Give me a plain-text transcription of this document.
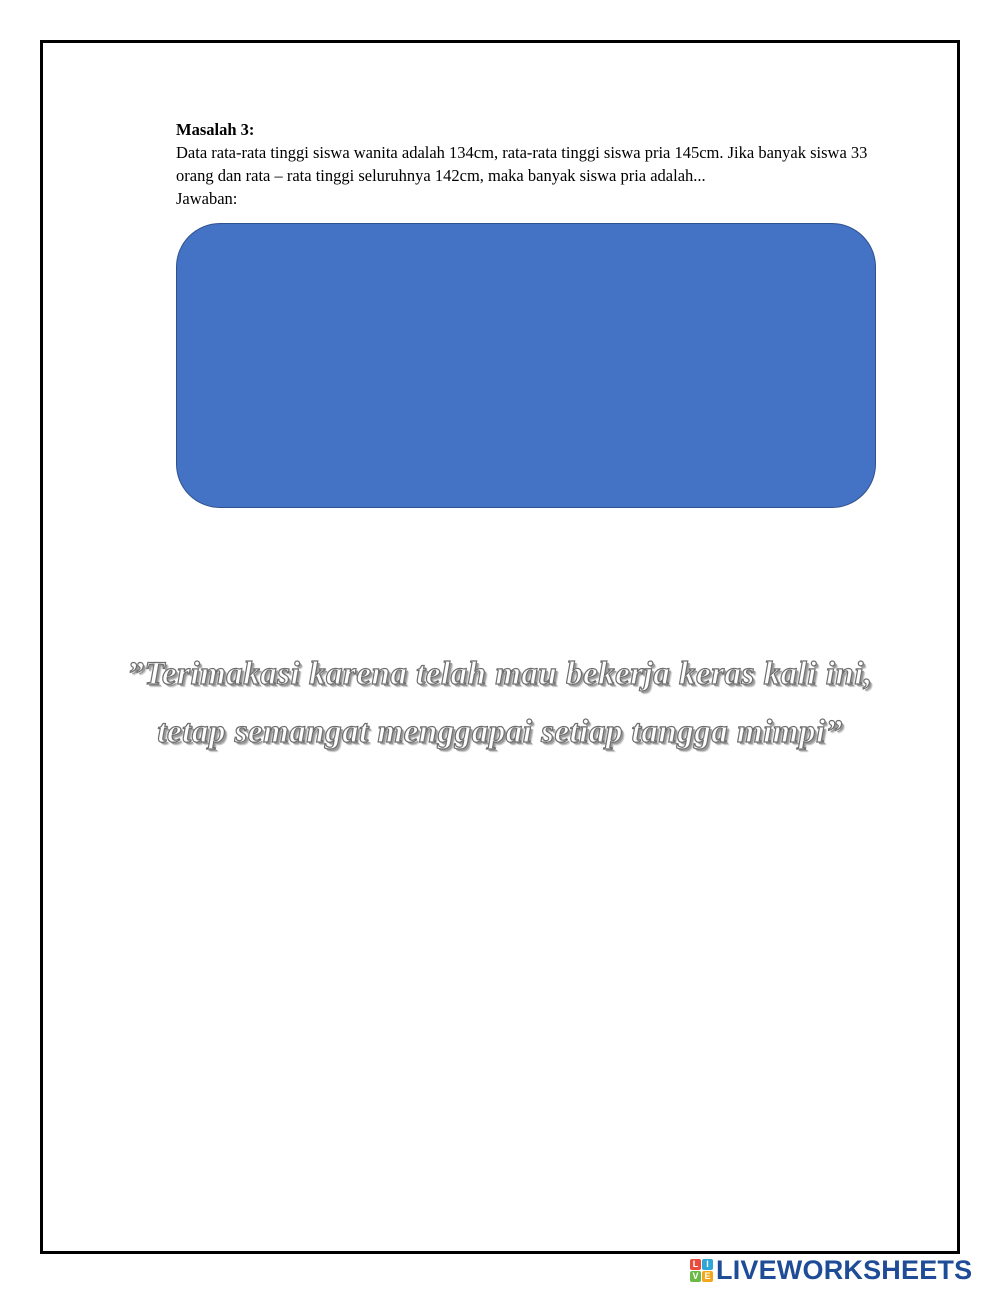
Masalah 3:
Data rata-rata tinggi siswa wanita adalah 134cm, rata-rata tinggi siswa pria 145cm. Jika banyak siswa 33 orang dan rata – rata tinggi seluruhnya 142cm, maka banyak siswa pria adalah...
Jawaban:
”Terimakasi karena telah mau bekerja keras kali ini,
tetap semangat menggapai setiap tangga mimpi”
L I
V E LIVEWORKSHEETS
